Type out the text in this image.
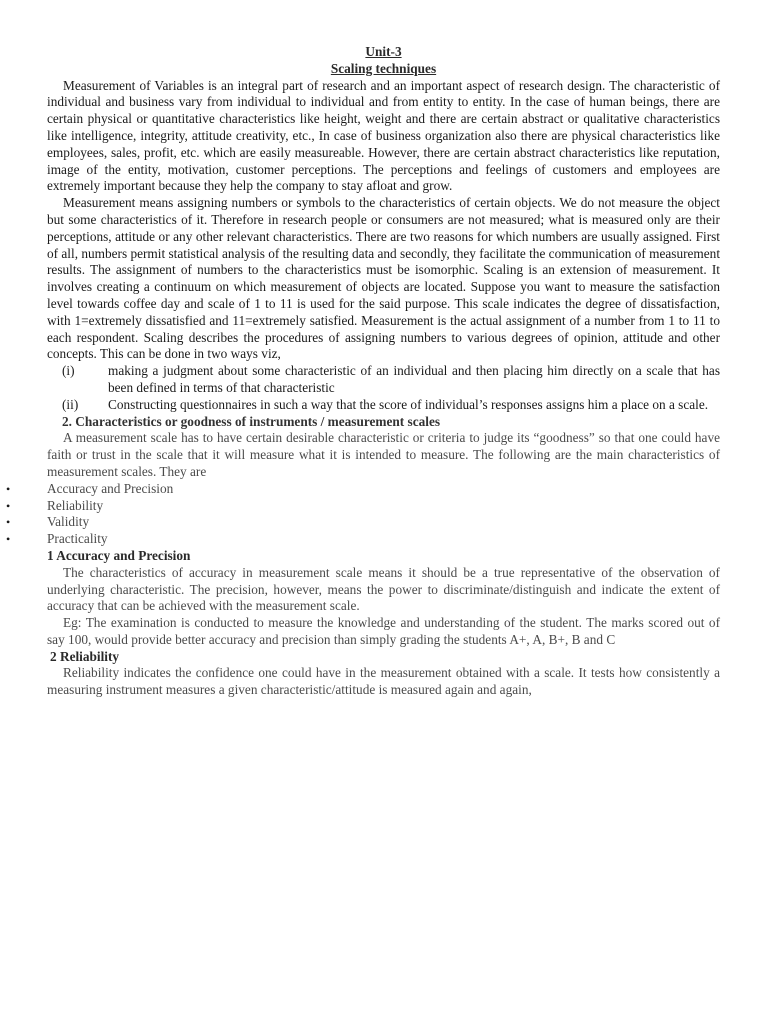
Unit-3

Scaling techniques

Measurement of Variables is an integral part of research and an important aspect of research design. The characteristic of individual and business vary from individual to individual and from entity to entity. In the case of human beings, there are certain physical or quantitative characteristics like height, weight and there are certain abstract or qualitative characteristics like intelligence, integrity, attitude creativity, etc., In case of business organization also there are physical characteristics like employees, sales, profit, etc. which are easily measureable. However, there are certain abstract characteristics like reputation, image of the entity, motivation, customer perceptions. The perceptions and feelings of customers and employees are extremely important because they help the company to stay afloat and grow.

Measurement means assigning numbers or symbols to the characteristics of certain objects. We do not measure the object but some characteristics of it. Therefore in research people or consumers are not measured; what is measured only are their perceptions, attitude or any other relevant characteristics. There are two reasons for which numbers are usually assigned. First of all, numbers permit statistical analysis of the resulting data and secondly, they facilitate the communication of measurement results. The assignment of numbers to the characteristics must be isomorphic. Scaling is an extension of measurement. It involves creating a continuum on which measurement of objects are located. Suppose you want to measure the satisfaction level towards coffee day and scale of 1 to 11 is used for the said purpose. This scale indicates the degree of dissatisfaction, with 1=extremely dissatisfied and 11=extremely satisfied. Measurement is the actual assignment of a number from 1 to 11 to each respondent. Scaling describes the procedures of assigning numbers to various degrees of opinion, attitude and other concepts. This can be done in two ways viz,

(i)	making a judgment about some characteristic of an individual and then placing him directly on a scale that has been defined in terms of that characteristic
(ii)	Constructing questionnaires in such a way that the score of individual’s responses assigns him a place on a scale.

2. Characteristics or goodness of instruments / measurement scales

A measurement scale has to have certain desirable characteristic or criteria to judge its “goodness” so that one could have faith or trust in the scale that it will measure what it is intended to measure. The following are the main characteristics of measurement scales. They are

•	Accuracy and Precision
•	Reliability
•	Validity
•	Practicality

1 Accuracy and Precision

The characteristics of accuracy in measurement scale means it should be a true representative of the observation of underlying characteristic. The precision, however, means the power to discriminate/distinguish and indicate the extent of accuracy that can be achieved with the measurement scale.

Eg: The examination is conducted to measure the knowledge and understanding of the student. The marks scored out of say 100, would provide better accuracy and precision than simply grading the students A+, A, B+, B and C

2 Reliability

Reliability indicates the confidence one could have in the measurement obtained with a scale. It tests how consistently a measuring instrument measures a given characteristic/attitude is measured again and again,
